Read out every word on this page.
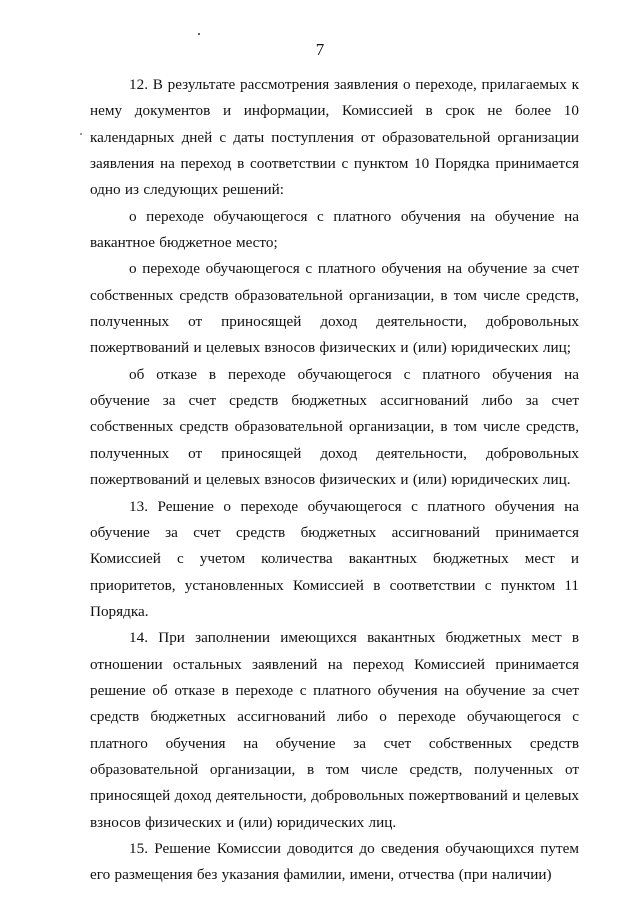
7

12. В результате рассмотрения заявления о переходе, прилагаемых к нему документов и информации, Комиссией в срок не более 10 календарных дней с даты поступления от образовательной организации заявления на переход в соответствии с пунктом 10 Порядка принимается одно из следующих решений:

о переходе обучающегося с платного обучения на обучение на вакантное бюджетное место;

о переходе обучающегося с платного обучения на обучение за счет собственных средств образовательной организации, в том числе средств, полученных от приносящей доход деятельности, добровольных пожертвований и целевых взносов физических и (или) юридических лиц;

об отказе в переходе обучающегося с платного обучения на обучение за счет средств бюджетных ассигнований либо за счет собственных средств образовательной организации, в том числе средств, полученных от приносящей доход деятельности, добровольных пожертвований и целевых взносов физических и (или) юридических лиц.

13. Решение о переходе обучающегося с платного обучения на обучение за счет средств бюджетных ассигнований принимается Комиссией с учетом количества вакантных бюджетных мест и приоритетов, установленных Комиссией в соответствии с пунктом 11 Порядка.

14. При заполнении имеющихся вакантных бюджетных мест в отношении остальных заявлений на переход Комиссией принимается решение об отказе в переходе с платного обучения на обучение за счет средств бюджетных ассигнований либо о переходе обучающегося с платного обучения на обучение за счет собственных средств образовательной организации, в том числе средств, полученных от приносящей доход деятельности, добровольных пожертвований и целевых взносов физических и (или) юридических лиц.

15. Решение Комиссии доводится до сведения обучающихся путем его размещения без указания фамилии, имени, отчества (при наличии)
